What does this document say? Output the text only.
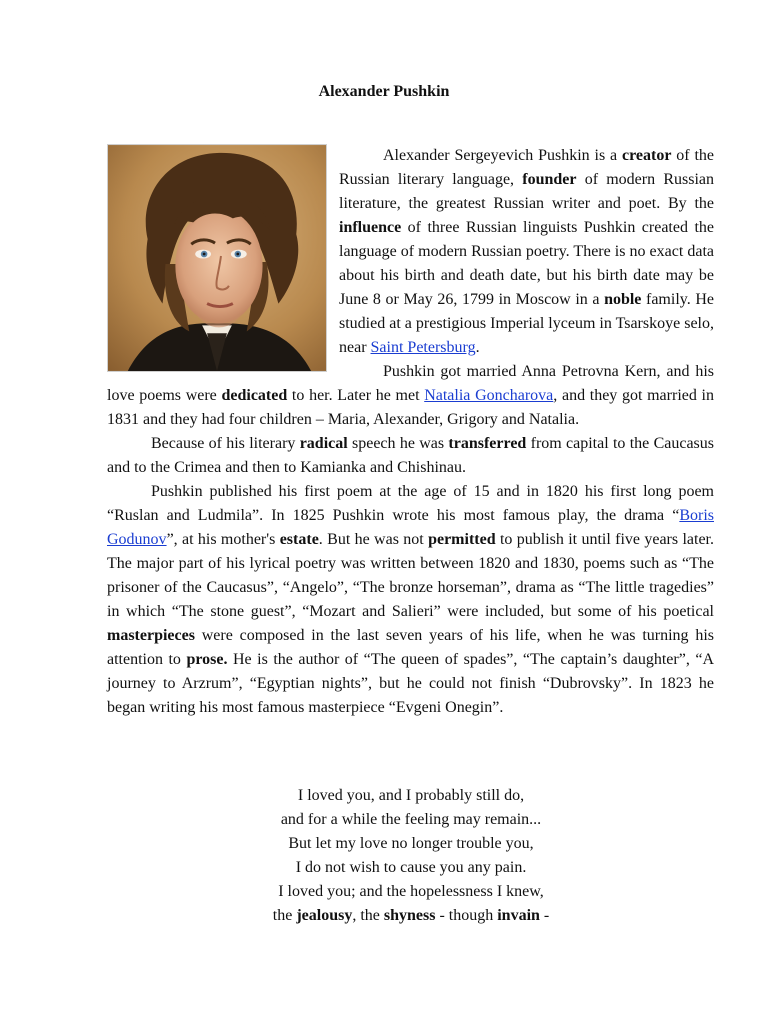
Alexander Pushkin

Alexander Sergeyevich Pushkin is a creator of the Russian literary language, founder of modern Russian literature, the greatest Russian writer and poet. By the influence of three Russian linguists Pushkin created the language of modern Russian poetry. There is no exact data about his birth and death date, but his birth date may be June 8 or May 26, 1799 in Moscow in a noble family. He studied at a prestigious Imperial lyceum in Tsarskoye selo, near Saint Petersburg.

Pushkin got married Anna Petrovna Kern, and his love poems were dedicated to her. Later he met Natalia Goncharova, and they got married in 1831 and they had four children – Maria, Alexander, Grigory and Natalia.

Because of his literary radical speech he was transferred from capital to the Caucasus and to the Crimea and then to Kamianka and Chishinau.

Pushkin published his first poem at the age of 15 and in 1820 his first long poem “Ruslan and Ludmila”. In 1825 Pushkin wrote his most famous play, the drama “Boris Godunov”, at his mother's estate. But he was not permitted to publish it until five years later. The major part of his lyrical poetry was written between 1820 and 1830, poems such as “The prisoner of the Caucasus”, “Angelo”, “The bronze horseman”, drama as “The little tragedies” in which “The stone guest”, “Mozart and Salieri” were included, but some of his poetical masterpieces were composed in the last seven years of his life, when he was turning his attention to prose. He is the author of “The queen of spades”, “The captain’s daughter”, “A journey to Arzrum”, “Egyptian nights”, but he could not finish “Dubrovsky”. In 1823 he began writing his most famous masterpiece “Evgeni Onegin”.

I loved you, and I probably still do,
and for a while the feeling may remain...
But let my love no longer trouble you,
I do not wish to cause you any pain.
I loved you; and the hopelessness I knew,
the jealousy, the shyness - though invain -
